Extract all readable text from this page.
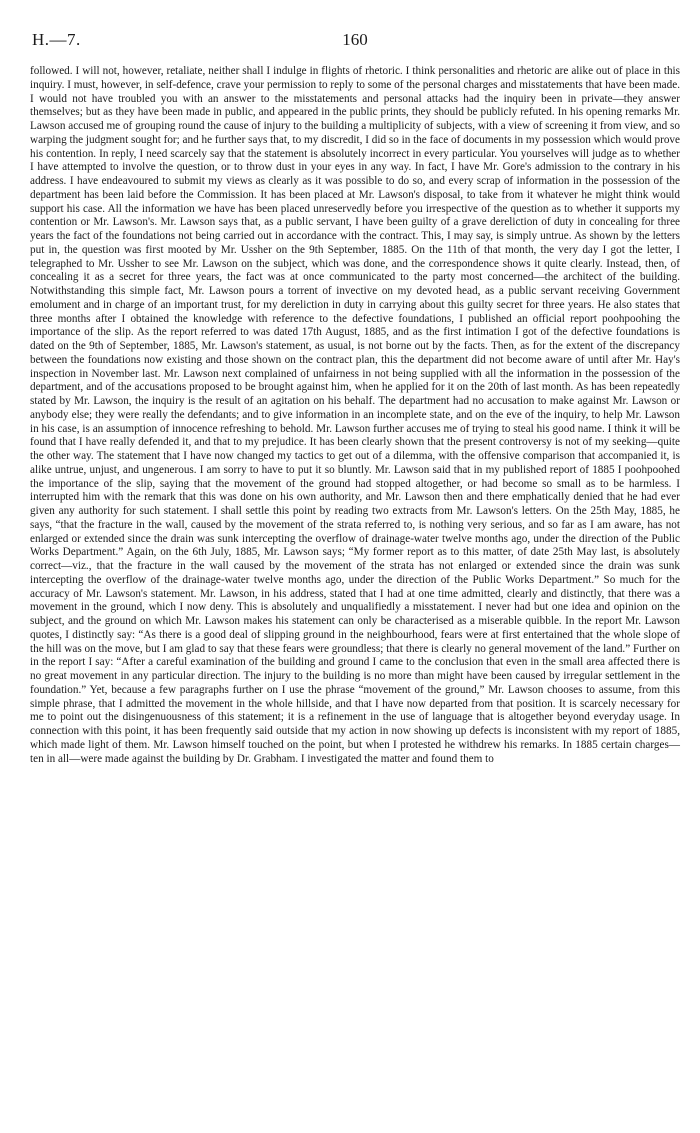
H.—7.	160

followed. I will not, however, retaliate, neither shall I indulge in flights of rhetoric. I think personalities and rhetoric are alike out of place in this inquiry. I must, however, in self-defence, crave your permission to reply to some of the personal charges and misstatements that have been made. I would not have troubled you with an answer to the misstatements and personal attacks had the inquiry been in private—they answer themselves; but as they have been made in public, and appeared in the public prints, they should be publicly refuted. In his opening remarks Mr. Lawson accused me of grouping round the cause of injury to the building a multiplicity of subjects, with a view of screening it from view, and so warping the judgment sought for; and he further says that, to my discredit, I did so in the face of documents in my possession which would prove his contention. In reply, I need scarcely say that the statement is absolutely incorrect in every particular. You yourselves will judge as to whether I have attempted to involve the question, or to throw dust in your eyes in any way. In fact, I have Mr. Gore's admission to the contrary in his address. I have endeavoured to submit my views as clearly as it was possible to do so, and every scrap of information in the possession of the department has been laid before the Commission. It has been placed at Mr. Lawson's disposal, to take from it whatever he might think would support his case. All the information we have has been placed unreservedly before you irrespective of the question as to whether it supports my contention or Mr. Lawson's. Mr. Lawson says that, as a public servant, I have been guilty of a grave dereliction of duty in concealing for three years the fact of the foundations not being carried out in accordance with the contract. This, I may say, is simply untrue. As shown by the letters put in, the question was first mooted by Mr. Ussher on the 9th September, 1885. On the 11th of that month, the very day I got the letter, I telegraphed to Mr. Ussher to see Mr. Lawson on the subject, which was done, and the correspondence shows it quite clearly. Instead, then, of concealing it as a secret for three years, the fact was at once communicated to the party most concerned—the architect of the building. Notwithstanding this simple fact, Mr. Lawson pours a torrent of invective on my devoted head, as a public servant receiving Government emolument and in charge of an important trust, for my dereliction in duty in carrying about this guilty secret for three years. He also states that three months after I obtained the knowledge with reference to the defective foundations, I published an official report poohpoohing the importance of the slip. As the report referred to was dated 17th August, 1885, and as the first intimation I got of the defective foundations is dated on the 9th of September, 1885, Mr. Lawson's statement, as usual, is not borne out by the facts. Then, as for the extent of the discrepancy between the foundations now existing and those shown on the contract plan, this the department did not become aware of until after Mr. Hay's inspection in November last. Mr. Lawson next complained of unfairness in not being supplied with all the information in the possession of the department, and of the accusations proposed to be brought against him, when he applied for it on the 20th of last month. As has been repeatedly stated by Mr. Lawson, the inquiry is the result of an agitation on his behalf. The department had no accusation to make against Mr. Lawson or anybody else; they were really the defendants; and to give information in an incomplete state, and on the eve of the inquiry, to help Mr. Lawson in his case, is an assumption of innocence refreshing to behold. Mr. Lawson further accuses me of trying to steal his good name. I think it will be found that I have really defended it, and that to my prejudice. It has been clearly shown that the present controversy is not of my seeking—quite the other way. The statement that I have now changed my tactics to get out of a dilemma, with the offensive comparison that accompanied it, is alike untrue, unjust, and ungenerous. I am sorry to have to put it so bluntly. Mr. Lawson said that in my published report of 1885 I poohpoohed the importance of the slip, saying that the movement of the ground had stopped altogether, or had become so small as to be harmless. I interrupted him with the remark that this was done on his own authority, and Mr. Lawson then and there emphatically denied that he had ever given any authority for such statement. I shall settle this point by reading two extracts from Mr. Lawson's letters. On the 25th May, 1885, he says, “that the fracture in the wall, caused by the movement of the strata referred to, is nothing very serious, and so far as I am aware, has not enlarged or extended since the drain was sunk intercepting the overflow of drainage-water twelve months ago, under the direction of the Public Works Department.” Again, on the 6th July, 1885, Mr. Lawson says; “My former report as to this matter, of date 25th May last, is absolutely correct—viz., that the fracture in the wall caused by the movement of the strata has not enlarged or extended since the drain was sunk intercepting the overflow of the drainage-water twelve months ago, under the direction of the Public Works Department.” So much for the accuracy of Mr. Lawson's statement. Mr. Lawson, in his address, stated that I had at one time admitted, clearly and distinctly, that there was a movement in the ground, which I now deny. This is absolutely and unqualifiedly a misstatement. I never had but one idea and opinion on the subject, and the ground on which Mr. Lawson makes his statement can only be characterised as a miserable quibble. In the report Mr. Lawson quotes, I distinctly say: “As there is a good deal of slipping ground in the neighbourhood, fears were at first entertained that the whole slope of the hill was on the move, but I am glad to say that these fears were groundless; that there is clearly no general movement of the land.” Further on in the report I say: “After a careful examination of the building and ground I came to the conclusion that even in the small area affected there is no great movement in any particular direction. The injury to the building is no more than might have been caused by irregular settlement in the foundation.” Yet, because a few paragraphs further on I use the phrase “movement of the ground,” Mr. Lawson chooses to assume, from this simple phrase, that I admitted the movement in the whole hillside, and that I have now departed from that position. It is scarcely necessary for me to point out the disingenuousness of this statement; it is a refinement in the use of language that is altogether beyond everyday usage. In connection with this point, it has been frequently said outside that my action in now showing up defects is inconsistent with my report of 1885, which made light of them. Mr. Lawson himself touched on the point, but when I protested he withdrew his remarks. In 1885 certain charges—ten in all—were made against the building by Dr. Grabham. I investigated the matter and found them to
